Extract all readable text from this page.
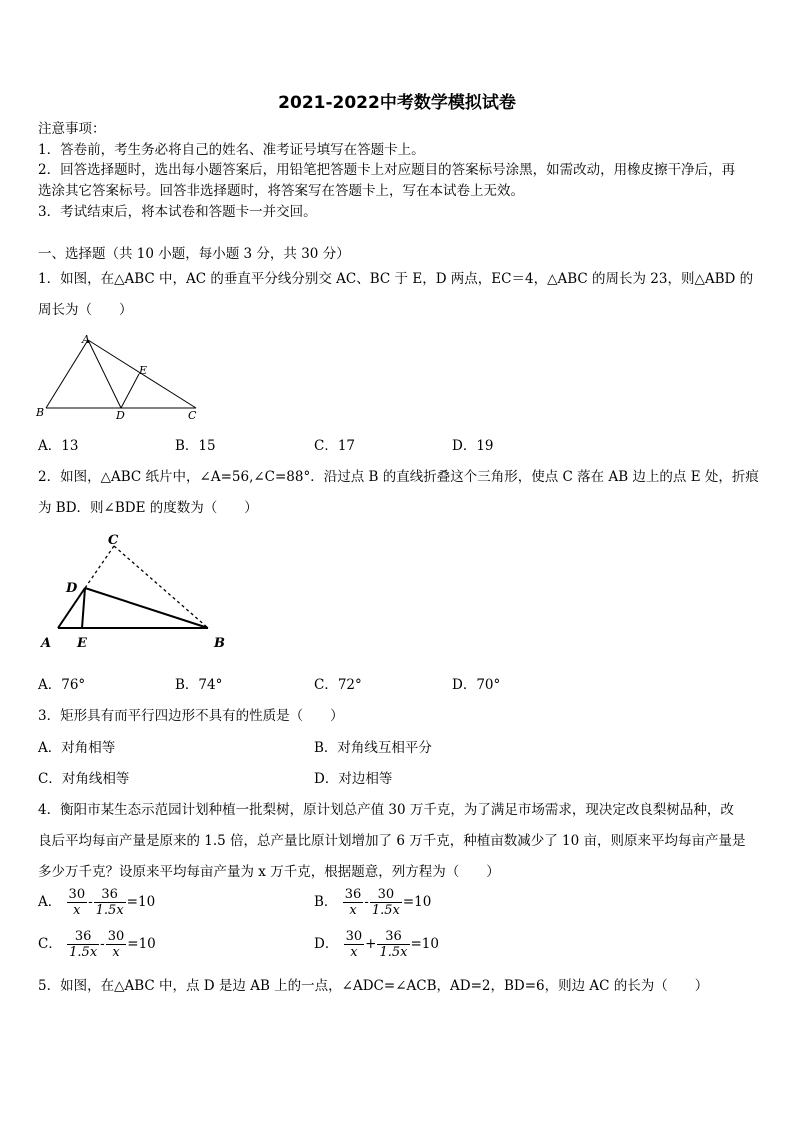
2021-2022中考数学模拟试卷
注意事项：
1．答卷前，考生务必将自己的姓名、准考证号填写在答题卡上。
2．回答选择题时，选出每小题答案后，用铅笔把答题卡上对应题目的答案标号涂黑，如需改动，用橡皮擦干净后，再
选涂其它答案标号。回答非选择题时，将答案写在答题卡上，写在本试卷上无效。
3．考试结束后，将本试卷和答题卡一并交回。
一、选择题（共 10 小题，每小题 3 分，共 30 分）
1．如图，在△ABC 中，AC 的垂直平分线分别交 AC、BC 于 E，D 两点，EC＝4，△ABC 的周长为 23，则△ABD 的
周长为（　　）
A
B	C
D
E
A．13	B．15	C．17	D．19
2．如图，△ABC 纸片中，∠A=56,∠C=88°．沿过点 B 的直线折叠这个三角形，使点 C 落在 AB 边上的点 E 处，折痕
为 BD．则∠BDE 的度数为（　　）
C
D
A E	B
A．76°	B．74°	C．72°	D．70°
3．矩形具有而平行四边形不具有的性质是（　　）
A．对角相等	B．对角线互相平分
C．对角线相等	D．对边相等
4．衡阳市某生态示范园计划种植一批梨树，原计划总产值 30 万千克，为了满足市场需求，现决定改良梨树品种，改
良后平均每亩产量是原来的 1.5 倍，总产量比原计划增加了 6 万千克，种植亩数减少了 10 亩，则原来平均每亩产量是
多少万千克？设原来平均每亩产量为 x 万千克，根据题意，列方程为（　　）
A． $\frac{30}{x} - \frac{36}{1.5x} =10$	B． $\frac{36}{x} - \frac{30}{1.5x} =10$
C． $\frac{36}{1.5x} - \frac{30}{x} =10$	D． $\frac{30}{x} + \frac{36}{1.5x} =10$
5．如图，在△ABC 中，点 D 是边 AB 上的一点，∠ADC=∠ACB，AD=2，BD=6，则边 AC 的长为（　　）
